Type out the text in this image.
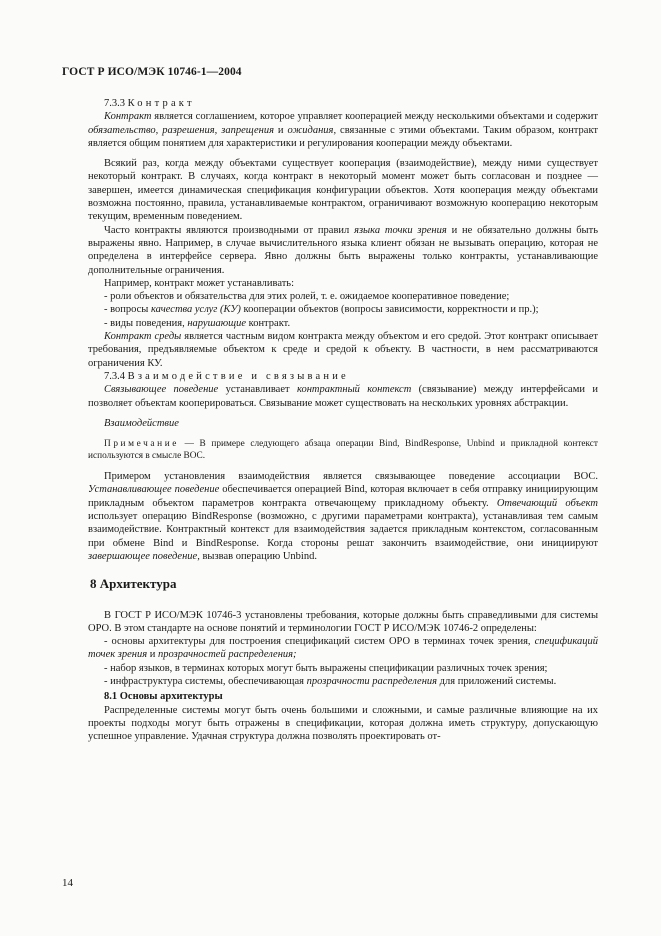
ГОСТ Р ИСО/МЭК 10746-1—2004

7.3.3 Контракт

Контракт является соглашением, которое управляет кооперацией между несколькими объектами и содержит обязательство, разрешения, запрещения и ожидания, связанные с этими объектами. Таким образом, контракт является общим понятием для характеристики и регулирования кооперации между объектами.

Всякий раз, когда между объектами существует кооперация (взаимодействие), между ними существует некоторый контракт. В случаях, когда контракт в некоторый момент может быть согласован и позднее — завершен, имеется динамическая спецификация конфигурации объектов. Хотя кооперация между объектами возможна постоянно, правила, устанавливаемые контрактом, ограничивают возможную кооперацию некоторым текущим, временным поведением.

Часто контракты являются производными от правил языка точки зрения и не обязательно должны быть выражены явно. Например, в случае вычислительного языка клиент обязан не вызывать операцию, которая не определена в интерфейсе сервера. Явно должны быть выражены только контракты, устанавливающие дополнительные ограничения.

Например, контракт может устанавливать:

- роли объектов и обязательства для этих ролей, т. е. ожидаемое кооперативное поведение;

- вопросы качества услуг (КУ) кооперации объектов (вопросы зависимости, корректности и пр.);

- виды поведения, нарушающие контракт.

Контракт среды является частным видом контракта между объектом и его средой. Этот контракт описывает требования, предъявляемые объектом к среде и средой к объекту. В частности, в нем рассматриваются ограничения КУ.

7.3.4 Взаимодействие и связывание

Связывающее поведение устанавливает контрактный контекст (связывание) между интерфейсами и позволяет объектам кооперироваться. Связывание может существовать на нескольких уровнях абстракции.

Взаимодействие

Примечание — В примере следующего абзаца операции Bind, BindResponse, Unbind и прикладной контекст используются в смысле ВОС.

Примером установления взаимодействия является связывающее поведение ассоциации ВОС. Устанавливающее поведение обеспечивается операцией Bind, которая включает в себя отправку инициирующим прикладным объектом параметров контракта отвечающему прикладному объекту. Отвечающий объект использует операцию BindResponse (возможно, с другими параметрами контракта), устанавливая тем самым взаимодействие. Контрактный контекст для взаимодействия задается прикладным контекстом, согласованным при обмене Bind и BindResponse. Когда стороны решат закончить взаимодействие, они инициируют завершающее поведение, вызвав операцию Unbind.

8 Архитектура

В ГОСТ Р ИСО/МЭК 10746-3 установлены требования, которые должны быть справедливыми для системы ОРО. В этом стандарте на основе понятий и терминологии ГОСТ Р ИСО/МЭК 10746-2 определены:

- основы архитектуры для построения спецификаций систем ОРО в терминах точек зрения, спецификаций точек зрения и прозрачностей распределения;

- набор языков, в терминах которых могут быть выражены спецификации различных точек зрения;

- инфраструктура системы, обеспечивающая прозрачности распределения для приложений системы.

8.1 Основы архитектуры

Распределенные системы могут быть очень большими и сложными, и самые различные влияющие на их проекты подходы могут быть отражены в спецификации, которая должна иметь структуру, допускающую успешное управление. Удачная структура должна позволять проектировать от-

14
